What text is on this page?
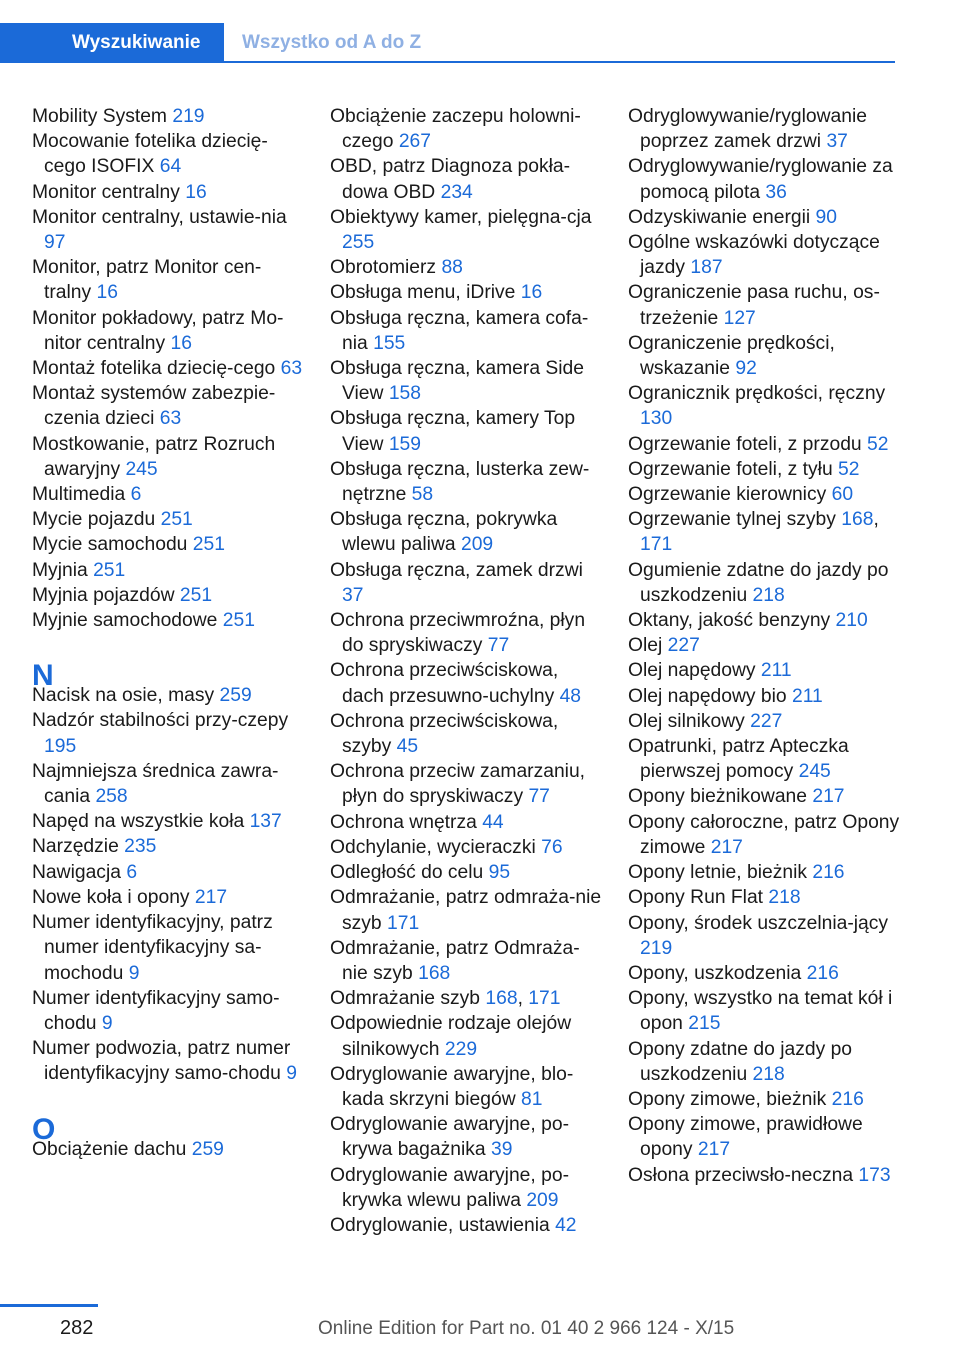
Wyszukiwanie	Wszystko od A do Z
Mobility System 219
Mocowanie fotelika dziecię‐cego ISOFIX 64
Monitor centralny 16
Monitor centralny, ustawie‐nia 97
Monitor, patrz Monitor cen‐tralny 16
Monitor pokładowy, patrz Mo‐nitor centralny 16
Montaż fotelika dziecię‐cego 63
Montaż systemów zabezpie‐czenia dzieci 63
Mostkowanie, patrz Rozruch awaryjny 245
Multimedia 6
Mycie pojazdu 251
Mycie samochodu 251
Myjnia 251
Myjnia pojazdów 251
Myjnie samochodowe 251
N
Nacisk na osie, masy 259
Nadzór stabilności przy‐czepy 195
Najmniejsza średnica zawra‐cania 258
Napęd na wszystkie koła 137
Narzędzie 235
Nawigacja 6
Nowe koła i opony 217
Numer identyfikacyjny, patrz numer identyfikacyjny sa‐mochodu 9
Numer identyfikacyjny samo‐chodu 9
Numer podwozia, patrz numer identyfikacyjny samo‐chodu 9
O
Obciążenie dachu 259
Obciążenie zaczepu holowni‐czego 267
OBD, patrz Diagnoza pokła‐dowa OBD 234
Obiektywy kamer, pielęgna‐cja 255
Obrotomierz 88
Obsługa menu, iDrive 16
Obsługa ręczna, kamera cofa‐nia 155
Obsługa ręczna, kamera Side View 158
Obsługa ręczna, kamery Top View 159
Obsługa ręczna, lusterka zew‐nętrzne 58
Obsługa ręczna, pokrywka wlewu paliwa 209
Obsługa ręczna, zamek drzwi 37
Ochrona przeciwmroźna, płyn do spryskiwaczy 77
Ochrona przeciwściskowa, dach przesuwno-uchylny 48
Ochrona przeciwściskowa, szyby 45
Ochrona przeciw zamarzaniu, płyn do spryskiwaczy 77
Ochrona wnętrza 44
Odchylanie, wycieraczki 76
Odległość do celu 95
Odmrażanie, patrz odmraża‐nie szyb 171
Odmrażanie, patrz Odmraża‐nie szyb 168
Odmrażanie szyb 168, 171
Odpowiednie rodzaje olejów silnikowych 229
Odryglowanie awaryjne, blo‐kada skrzyni biegów 81
Odryglowanie awaryjne, po‐krywa bagażnika 39
Odryglowanie awaryjne, po‐krywka wlewu paliwa 209
Odryglowanie, ustawienia 42
Odryglowywanie/ryglowanie poprzez zamek drzwi 37
Odryglowywanie/ryglowanie za pomocą pilota 36
Odzyskiwanie energii 90
Ogólne wskazówki dotyczące jazdy 187
Ograniczenie pasa ruchu, os‐trzeżenie 127
Ograniczenie prędkości, wskazanie 92
Ogranicznik prędkości, ręczny 130
Ogrzewanie foteli, z przodu 52
Ogrzewanie foteli, z tyłu 52
Ogrzewanie kierownicy 60
Ogrzewanie tylnej szyby 168, 171
Ogumienie zdatne do jazdy po uszkodzeniu 218
Oktany, jakość benzyny 210
Olej 227
Olej napędowy 211
Olej napędowy bio 211
Olej silnikowy 227
Opatrunki, patrz Apteczka pierwszej pomocy 245
Opony bieżnikowane 217
Opony całoroczne, patrz Opony zimowe 217
Opony letnie, bieżnik 216
Opony Run Flat 218
Opony, środek uszczelnia‐jący 219
Opony, uszkodzenia 216
Opony, wszystko na temat kół i opon 215
Opony zdatne do jazdy po uszkodzeniu 218
Opony zimowe, bieżnik 216
Opony zimowe, prawidłowe opony 217
Osłona przeciwsło‐neczna 173
282	Online Edition for Part no. 01 40 2 966 124 - X/15
